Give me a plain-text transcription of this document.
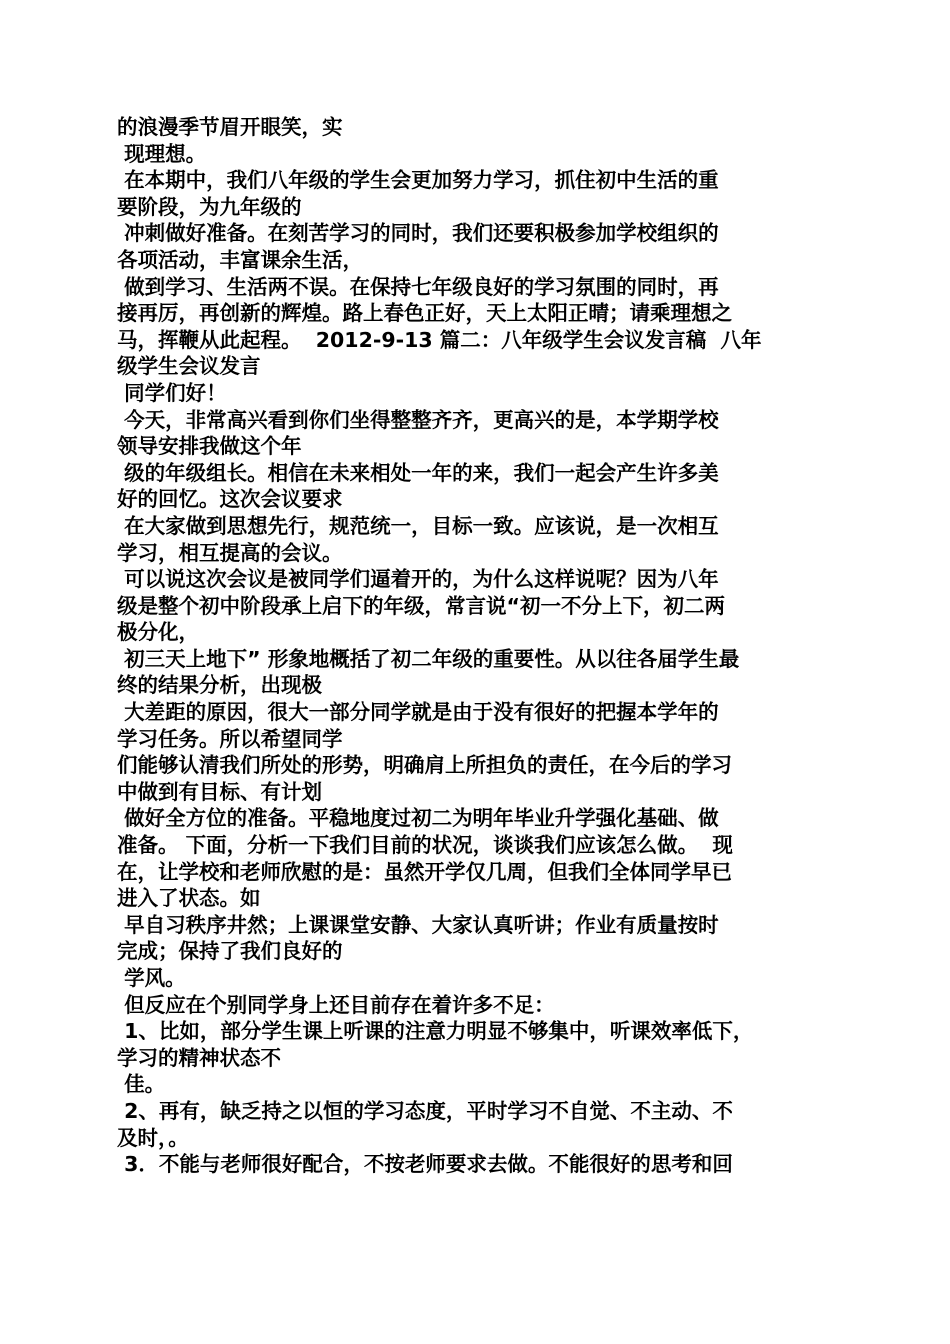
的浪漫季节眉开眼笑，实
现理想。
在本期中，我们八年级的学生会更加努力学习，抓住初中生活的重
要阶段，为九年级的
冲刺做好准备。在刻苦学习的同时，我们还要积极参加学校组织的
各项活动，丰富课余生活，
做到学习、生活两不误。在保持七年级良好的学习氛围的同时，再
接再厉，再创新的辉煌。路上春色正好，天上太阳正晴；请乘理想之
马，挥鞭从此起程。  2012-9-13 篇二：八年级学生会议发言稿  八年
级学生会议发言
同学们好！
今天，非常高兴看到你们坐得整整齐齐，更高兴的是，本学期学校
领导安排我做这个年
级的年级组长。相信在未来相处一年的来，我们一起会产生许多美
好的回忆。这次会议要求
在大家做到思想先行，规范统一，目标一致。应该说，是一次相互
学习，相互提高的会议。
可以说这次会议是被同学们逼着开的，为什么这样说呢？因为八年
级是整个初中阶段承上启下的年级，常言说“初一不分上下，初二两
极分化，
初三天上地下” 形象地概括了初二年级的重要性。从以往各届学生最
终的结果分析，出现极
大差距的原因，很大一部分同学就是由于没有很好的把握本学年的
学习任务。所以希望同学
们能够认清我们所处的形势，明确肩上所担负的责任，在今后的学习
中做到有目标、有计划
做好全方位的准备。平稳地度过初二为明年毕业升学强化基础、做
准备。 下面，分析一下我们目前的状况，谈谈我们应该怎么做。  现
在，让学校和老师欣慰的是：虽然开学仅几周，但我们全体同学早已
进入了状态。如
早自习秩序井然；上课课堂安静、大家认真听讲；作业有质量按时
完成；保持了我们良好的
学风。
但反应在个别同学身上还目前存在着许多不足：
1、比如，部分学生课上听课的注意力明显不够集中，听课效率低下，
学习的精神状态不
佳。
2、再有，缺乏持之以恒的学习态度，平时学习不自觉、不主动、不
及时，。
3．不能与老师很好配合，不按老师要求去做。不能很好的思考和回
